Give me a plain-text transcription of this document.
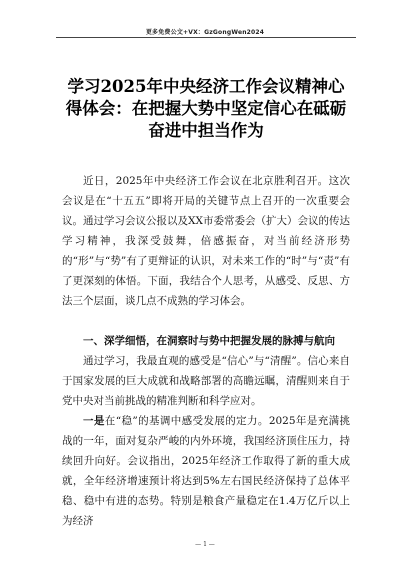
更多免费公文+VX：GzGongWen2024
学习2025年中央经济工作会议精神心得体会：在把握大势中坚定信心在砥砺奋进中担当作为

近日，2025年中央经济工作会议在北京胜利召开。这次会议是在“十五五”即将开局的关键节点上召开的一次重要会议。通过学习会议公报以及XX市委常委会（扩大）会议的传达学习精神，我深受鼓舞，倍感振奋，对当前经济形势的“形”与“势”有了更辩证的认识，对未来工作的“时”与“责”有了更深刻的体悟。下面，我结合个人思考，从感受、反思、方法三个层面，谈几点不成熟的学习体会。

一、深学细悟，在洞察时与势中把握发展的脉搏与航向

通过学习，我最直观的感受是“信心”与“清醒”。信心来自于国家发展的巨大成就和战略部署的高瞻远瞩，清醒则来自于党中央对当前挑战的精准判断和科学应对。

一是在“稳”的基调中感受发展的定力。2025年是充满挑战的一年，面对复杂严峻的内外环境，我国经济顶住压力，持续回升向好。会议指出，2025年经济工作取得了新的重大成就，全年经济增速预计将达到5%左右国民经济保持了总体平稳、稳中有进的态势。特别是粮食产量稳定在1.4万亿斤以上为经济

— 1 —
